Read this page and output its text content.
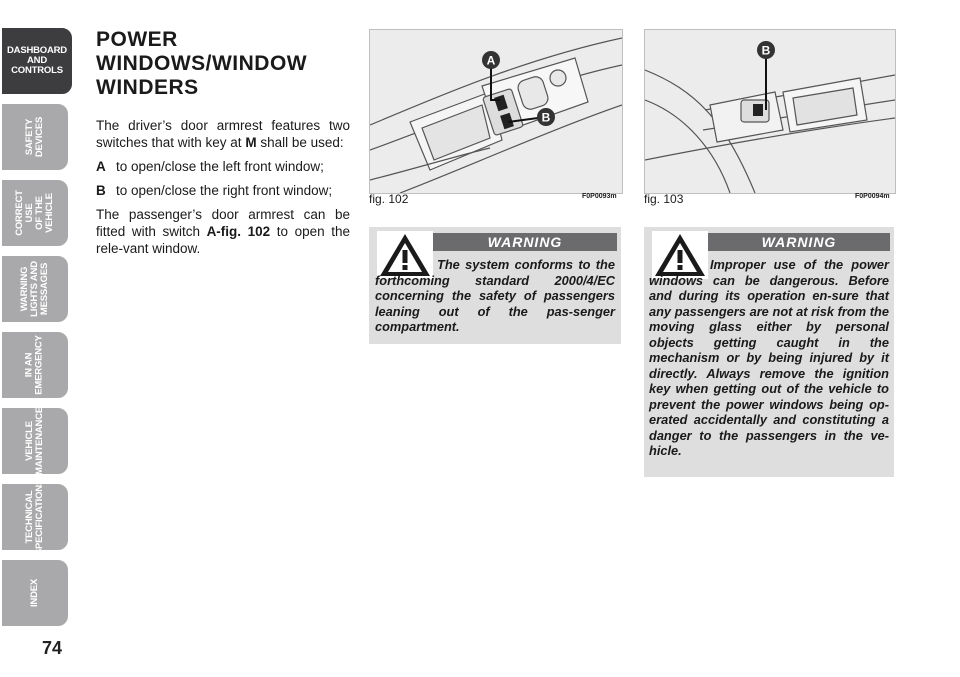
DASHBOARD
AND
CONTROLS
SAFETY
DEVICES
CORRECT USE
OF THE VEHICLE
WARNING
LIGHTS AND
MESSAGES
IN AN
EMERGENCY
VEHICLE
MAINTENANCE
TECHNICAL
SPECIFICATIONS
INDEX
74
POWER WINDOWS/WINDOW WINDERS

The driver’s door armrest features two switches that with key at M shall be used:

A to open/close the left front window;
B to open/close the right front window;

The passenger’s door armrest can be fitted with switch A-fig. 102 to open the rele-vant window.

A
B
fig. 102	F0P0093m
B
fig. 103	F0P0094m
WARNING

The system conforms to the forthcoming standard 2000/4/EC concerning the safety of passengers leaning out of the pas-senger compartment.

WARNING

Improper use of the power windows can be dangerous. Before and during its operation en-sure that any passengers are not at risk from the moving glass either by personal objects getting caught in the mechanism or by being injured by it directly. Always remove the ignition key when getting out of the vehicle to prevent the power windows being op-erated accidentally and constituting a danger to the passengers in the ve-hicle.
